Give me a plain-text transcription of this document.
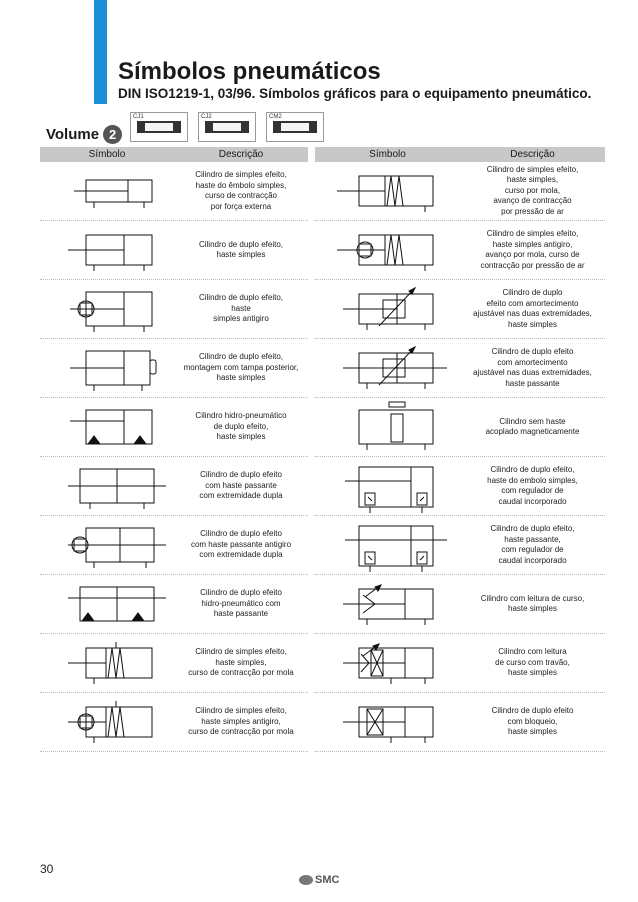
Símbolos pneumáticos
DIN ISO1219-1, 03/96. Símbolos gráficos para o equipamento pneumático.
Volume 2
CJ1	CJ2	CM2
Símbolo	Descrição
Cilindro de simples efeito,
haste do êmbolo simples,
curso de contracção
por força externa
Cilindro de duplo efeito,
haste simples
Cilindro de duplo efeito,
haste
simples antigiro
Cilindro de duplo efeito,
montagem com tampa posterior,
haste simples
Cilindro hidro-pneumático
de duplo efeito,
haste simples
Cilindro de duplo efeito
com haste passante
com extremidade dupla
Cilindro de duplo efeito
com haste passante antigiro
com extremidade dupla
Cilindro de duplo efeito
hidro-pneumático com
haste passante
Cilindro de simples efeito,
haste simples,
curso de contracção por mola
Cilindro de simples efeito,
haste simples antigiro,
curso de contracção por mola
Símbolo	Descrição
Cilindro de simples efeito,
haste simples,
curso por mola,
avanço de contracção
por pressão de ar
Cilindro de simples efeito,
haste simples antigiro,
avanço por mola, curso de
contracção por pressão de ar
Cilindro de duplo
efeito com amortecimento
ajustável nas duas extremidades,
haste simples
Cilindro de duplo efeito
com amortecimento
ajustável nas duas extremidades,
haste passante
Cilindro sem haste
acoplado magneticamente
Cilindro de duplo efeito,
haste do embolo simples,
com regulador de
caudal incorporado
Cilindro de duplo efeito,
haste passante,
com regulador de
caudal incorporado
Cilindro com leitura de curso,
haste simples
Cilindro com leitura
de curso com travão,
haste simples
Cilindro de duplo efeito
com bloqueio,
haste simples
30
SMC
